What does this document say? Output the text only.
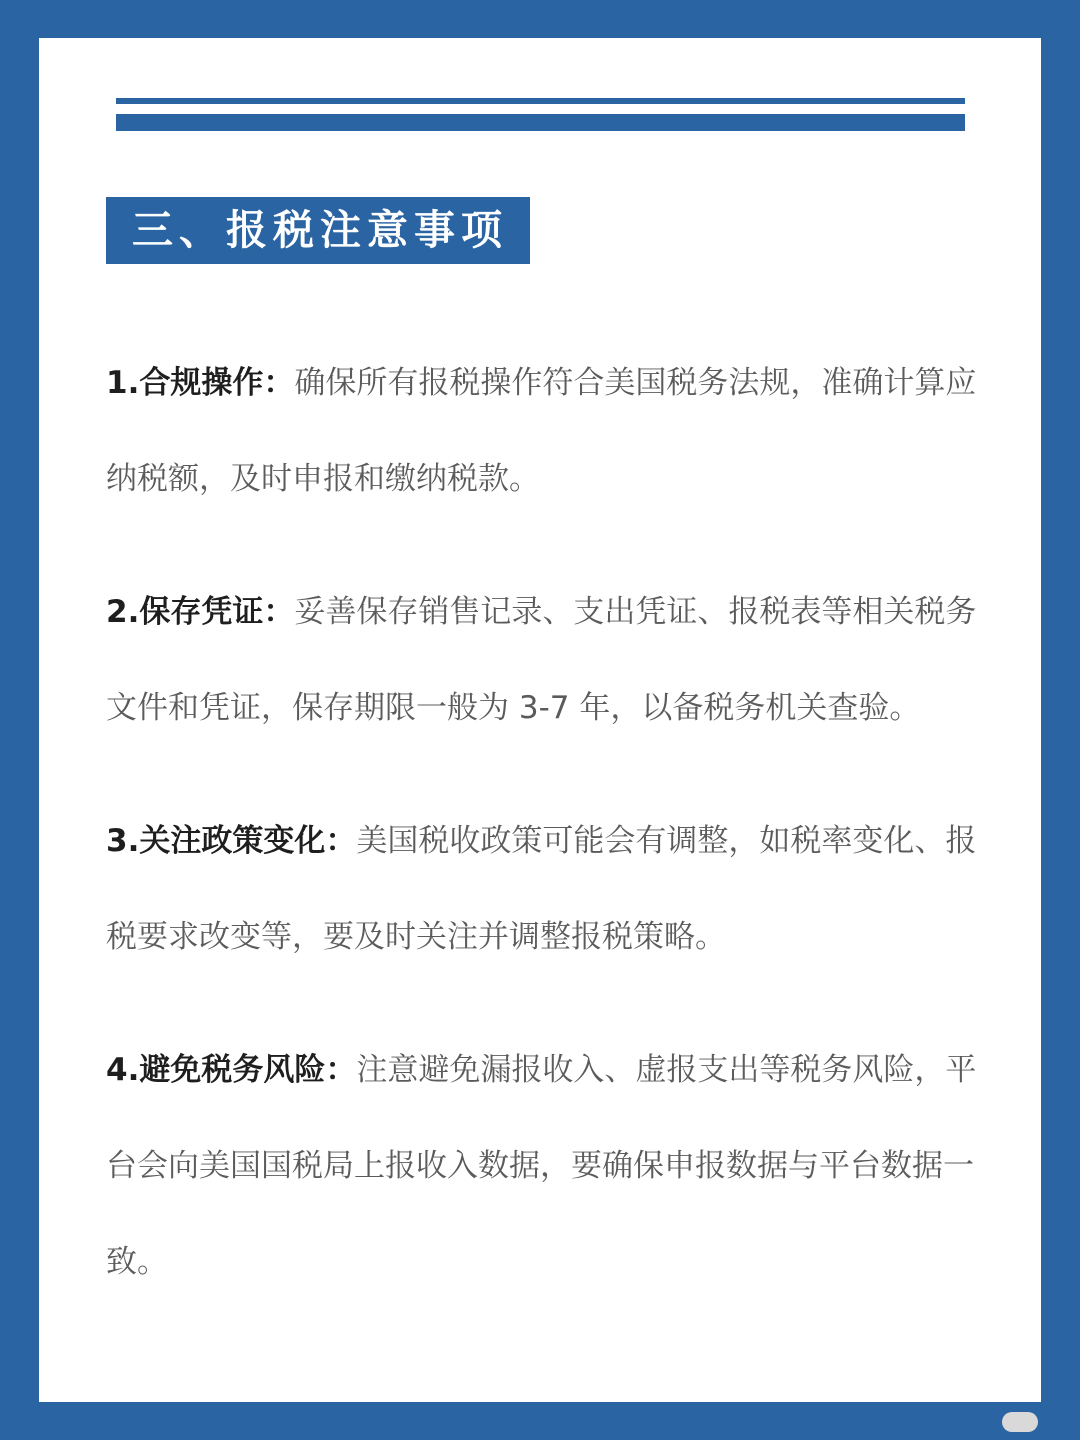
三、报税注意事项

1.合规操作：确保所有报税操作符合美国税务法规，准确计算应纳税额，及时申报和缴纳税款。

2.保存凭证：妥善保存销售记录、支出凭证、报税表等相关税务文件和凭证，保存期限一般为 3-7 年，以备税务机关查验。

3.关注政策变化：美国税收政策可能会有调整，如税率变化、报税要求改变等，要及时关注并调整报税策略。

4.避免税务风险：注意避免漏报收入、虚报支出等税务风险，平台会向美国国税局上报收入数据，要确保申报数据与平台数据一致。
